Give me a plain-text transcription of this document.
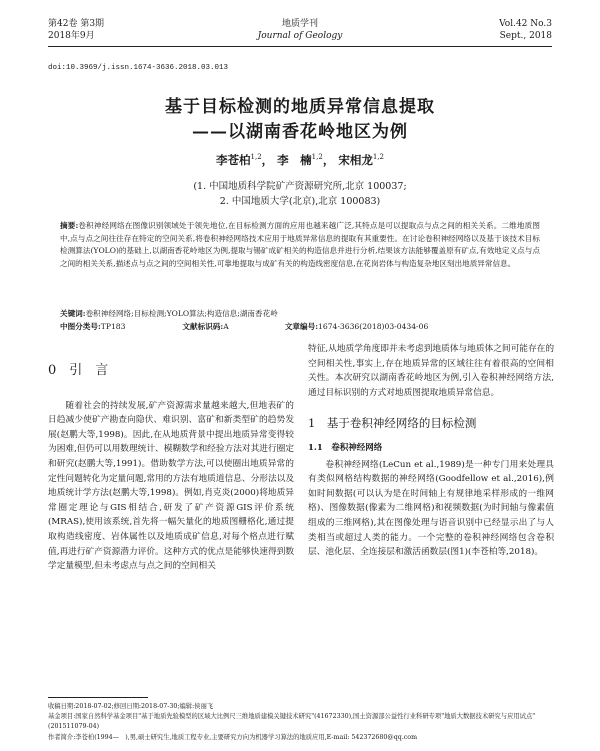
第42卷 第3期
2018年9月
地质学刊
Journal of Geology
Vol.42 No.3
Sept., 2018
doi:10.3969/j.issn.1674-3636.2018.03.013
基于目标检测的地质异常信息提取
——以湖南香花岭地区为例
李苍柏$^{1,2}$， 李　楠$^{1,2}$， 宋相龙$^{1,2}$
(1. 中国地质科学院矿产资源研究所,北京 100037;
2. 中国地质大学(北京),北京 100083)
摘要:卷积神经网络在图像识别领域处于领先地位,在目标检测方面的应用也越来越广泛,其特点是可以提取点与点之间的相关关系。二维地质图中,点与点之间往往存在特定的空间关系,将卷积神经网络技术应用于地质异常信息的提取有其重要性。在讨论卷积神经网络以及基于该技术目标检测算法(YOLO)的基础上,以湖南香花岭地区为例,提取与锡矿成矿相关的构造信息并进行分析,结果该方法能够覆盖原有矿点,有效地定义点与点之间的相关关系,描述点与点之间的空间相关性,可靠地提取与成矿有关的构造线密度信息,在花岗岩体与构造复杂地区刻出地质异常信息。
关键词:卷积神经网络;目标检测;YOLO算法;构造信息;湖南香花岭
中图分类号:TP183	文献标识码:A	文章编号:1674-3636(2018)03-0434-06
0　引　言

随着社会的持续发展,矿产资源需求量越来越大,但地表矿的日趋减少使矿产勘查向隐伏、难识别、富矿和新类型矿的趋势发展(赵鹏大等,1998)。因此,在从地质背景中提出地质异常变得较为困难,但仍可以用数理统计、模糊数学和经验方法对其进行圈定和研究(赵鹏大等,1991)。借助数学方法,可以使圈出地质异常的定性问题转化为定量问题,常用的方法有地质道信息、分形法以及地质统计学方法(赵鹏大等,1998)。例如,肖克炎(2000)将地质异常圈定理论与GIS相结合,研发了矿产资源GIS评价系统(MRAS),使用该系统,首先将一幅矢量化的地质图栅格化,通过提取构造线密度、岩体属性以及地质成矿信息,对每个格点进行赋值,再进行矿产资源潜力评价。这种方式的优点是能够快速得到数学定量模型,但未考虑点与点之间的空间相关

特征,从地质学角度即并未考虑到地质体与地质体之间可能存在的空间相关性,事实上,存在地质异常的区域往往有着很高的空间相关性。本次研究以湖南香花岭地区为例,引入卷积神经网络方法,通过目标识别的方式对地质图提取地质异常信息。

1　基于卷积神经网络的目标检测
1.1　卷积神经网络

卷积神经网络(LeCun et al.,1989)是一种专门用来处理具有类似网格结构数据的神经网络(Goodfellow et al.,2016),例如时间数据(可以认为是在时间轴上有规律地采样形成的一维网格)、图像数据(像素为二维网格)和视频数据(为时间轴与像素值组成的三维网格),其在图像处理与语音识别中已经显示出了与人类相当或超过人类的能力。一个完整的卷积神经网络包含卷积层、池化层、全连接层和激活函数层(图1)(李苍柏等,2018)。

收稿日期:2018-07-02;修回日期:2018-07-30;编辑:侯丽飞
基金项目:国家自然科学基金项目"基于地质先验模型的区域大比例尺三维地质建模关键技术研究"(41672330),国土资源部公益性行业科研专项"地质大数据技术研究与应用试点"(201511079-04)
作者简介:李苍柏(1994—　),男,硕士研究生,地质工程专业,主要研究方向为机器学习算法的地质应用,E-mail: 542372680@qq.com
